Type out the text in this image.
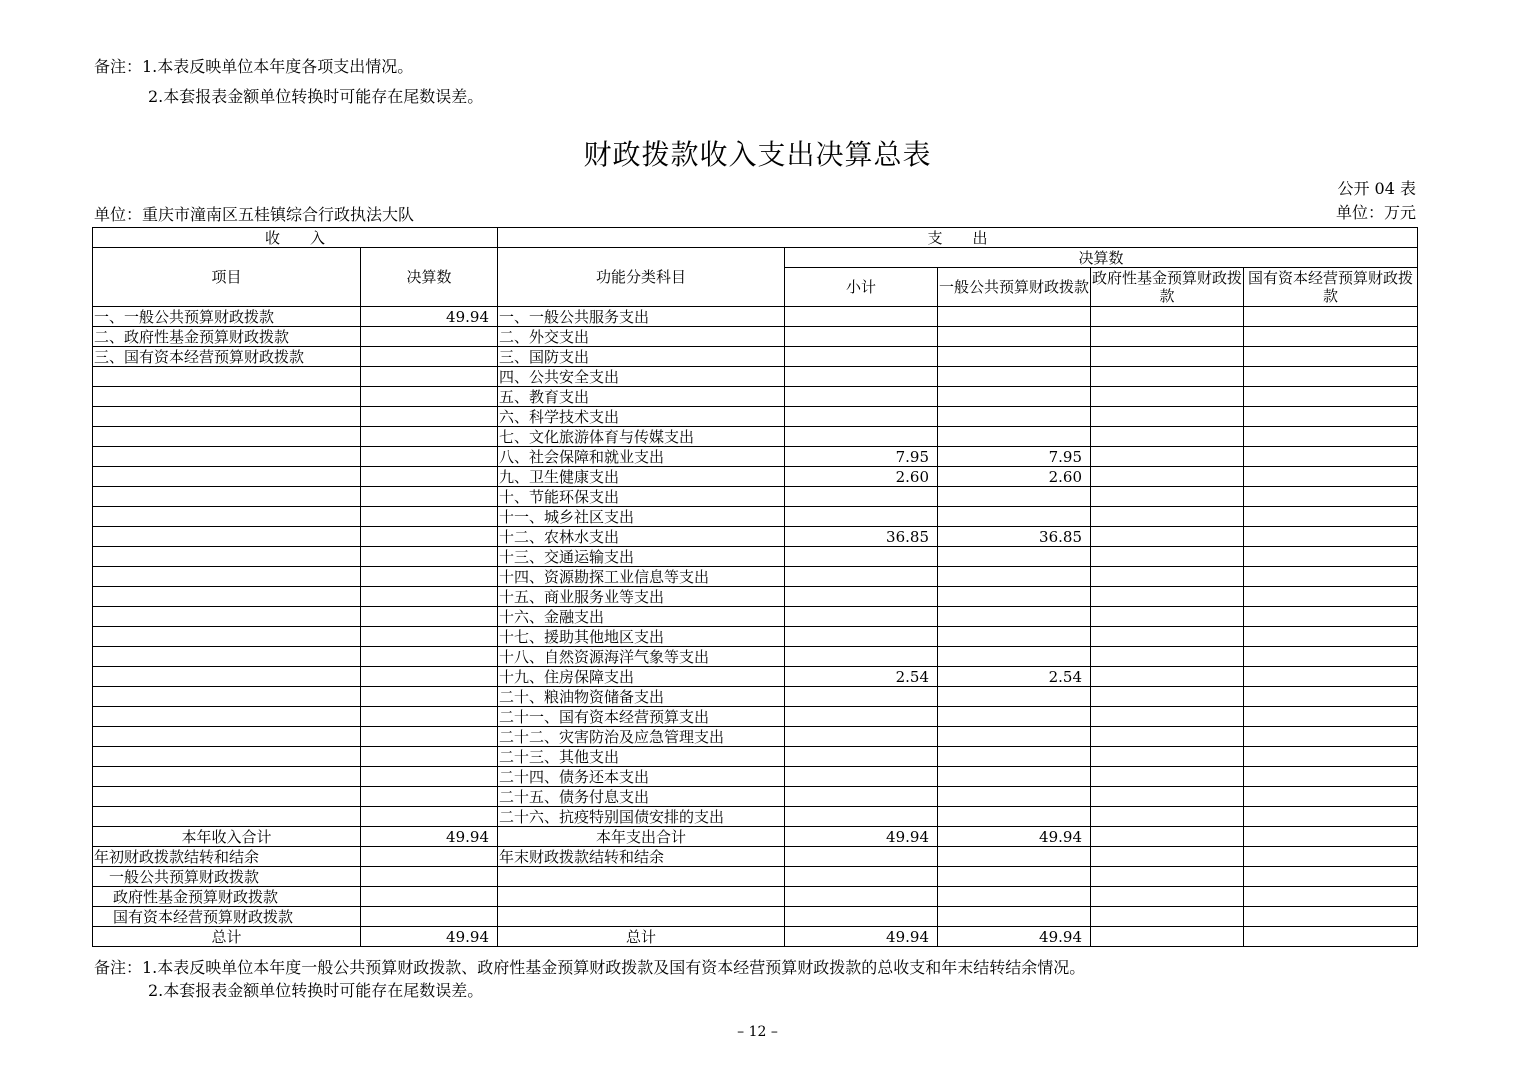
备注：1.本表反映单位本年度各项支出情况。
2.本套报表金额单位转换时可能存在尾数误差。
财政拨款收入支出决算总表
公开 04 表
单位：重庆市潼南区五桂镇综合行政执法大队	单位：万元
收　　入		支　　出				
项目	决算数	功能分类科目	决算数			
			小计	一般公共预算财政拨款	政府性基金预算财政拨款	国有资本经营预算财政拨款
一、一般公共预算财政拨款	49.94	一、一般公共服务支出				
二、政府性基金预算财政拨款		二、外交支出				
三、国有资本经营预算财政拨款		三、国防支出				
		四、公共安全支出				
		五、教育支出				
		六、科学技术支出				
		七、文化旅游体育与传媒支出				
		八、社会保障和就业支出	7.95	7.95		
		九、卫生健康支出	2.60	2.60		
		十、节能环保支出				
		十一、城乡社区支出				
		十二、农林水支出	36.85	36.85		
		十三、交通运输支出				
		十四、资源勘探工业信息等支出				
		十五、商业服务业等支出				
		十六、金融支出				
		十七、援助其他地区支出				
		十八、自然资源海洋气象等支出				
		十九、住房保障支出	2.54	2.54		
		二十、粮油物资储备支出				
		二十一、国有资本经营预算支出				
		二十二、灾害防治及应急管理支出				
		二十三、其他支出				
		二十四、债务还本支出				
		二十五、债务付息支出				
		二十六、抗疫特别国债安排的支出				
本年收入合计	49.94	本年支出合计	49.94	49.94		
年初财政拨款结转和结余		年末财政拨款结转和结余				
一般公共预算财政拨款						
政府性基金预算财政拨款						
国有资本经营预算财政拨款						
总计	49.94	总计	49.94	49.94		
备注：1.本表反映单位本年度一般公共预算财政拨款、政府性基金预算财政拨款及国有资本经营预算财政拨款的总收支和年末结转结余情况。
2.本套报表金额单位转换时可能存在尾数误差。
– 12 –
